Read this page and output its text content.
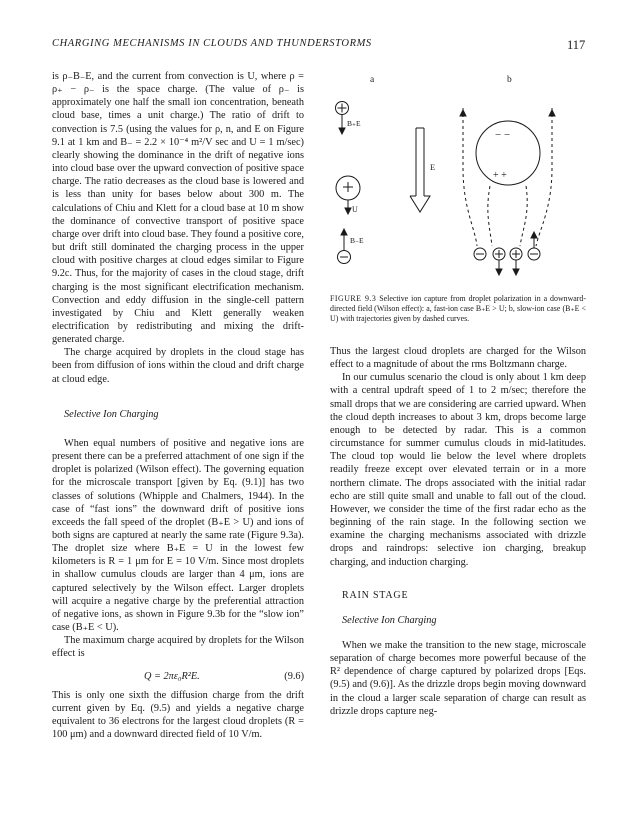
CHARGING MECHANISMS IN CLOUDS AND THUNDERSTORMS	117

is ρ₋B₋E, and the current from convection is U, where ρ = ρ₊ − ρ₋ is the space charge. (The value of ρ₋ is approximately one half the small ion concentration, beneath cloud base, times a unit charge.) The ratio of drift to convection is 7.5 (using the values for ρ, n, and E on Figure 9.1 at 1 km and B₋ = 2.2 × 10⁻⁴ m²/V sec and U = 1 m/sec) clearly showing the dominance in the drift of negative ions into cloud base over the upward convection of positive space charge. The ratio decreases as the cloud base is lowered and is less than unity for bases below about 300 m. The calculations of Chiu and Klett for a cloud base at 10 m show the dominance of convective transport of positive space charge over drift into cloud base. They found a positive core, but drift still dominated the charging process in the upper cloud with positive charges at cloud edges similar to Figure 9.2c. Thus, for the majority of cases in the cloud stage, drift charging is the most significant electrification mechanism. Convection and eddy diffusion in the single-cell pattern investigated by Chiu and Klett generally weaken electrification by redistributing and mixing the drift-generated charge.

The charge acquired by droplets in the cloud stage has been from diffusion of ions within the cloud and drift charge at cloud edge.

Selective Ion Charging

When equal numbers of positive and negative ions are present there can be a preferred attachment of one sign if the droplet is polarized (Wilson effect). The governing equation for the microscale transport [given by Eq. (9.1)] has two classes of solutions (Whipple and Chalmers, 1944). In the case of “fast ions” the downward drift of positive ions exceeds the fall speed of the droplet (B₊E > U) and ions of both signs are captured at nearly the same rate (Figure 9.3a). The droplet size where B₊E = U in the lowest few kilometers is R = 1 μm for E = 10 V/m. Since most droplets in shallow cumulus clouds are larger than 4 μm, ions are captured selectively by the Wilson effect. Larger droplets will acquire a negative charge by the preferential attraction of negative ions, as shown in Figure 9.3b for the “slow ion” case (B₊E < U).

The maximum charge acquired by droplets for the Wilson effect is

Q = 2πε₀R²E.	(9.6)

This is only one sixth the diffusion charge from the drift current given by Eq. (9.5) and yields a negative charge equivalent to 36 electrons for the largest cloud droplets (R = 100 μm) and a downward directed field of 10 V/m.

a	b
B₊E
U
B₋E
E
− −
+ +
FIGURE 9.3 Selective ion capture from droplet polarization in a downward-directed field (Wilson effect): a, fast-ion case B₊E > U; b, slow-ion case (B₊E < U) with trajectories given by dashed curves.

Thus the largest cloud droplets are charged for the Wilson effect to a magnitude of about the rms Boltzmann charge.

In our cumulus scenario the cloud is only about 1 km deep with a central updraft speed of 1 to 2 m/sec; therefore the small drops that we are considering are carried upward. When the cloud depth increases to about 3 km, drops become large enough to be detected by radar. This is a common circumstance for summer cumulus clouds in mid-latitudes. The cloud top would lie below the level where droplets readily freeze except over elevated terrain or in a more northern climate. The drops associated with the initial radar echo are still quite small and unable to fall out of the cloud. However, we consider the time of the first radar echo as the beginning of the rain stage. In the following section we examine the charging mechanisms associated with drizzle drops and raindrops: selective ion charging, breakup charging, and induction charging.

RAIN STAGE
Selective Ion Charging

When we make the transition to the new stage, microscale separation of charge becomes more powerful because of the R² dependence of charge captured by polarized drops [Eqs. (9.5) and (9.6)]. As the drizzle drops begin moving downward in the cloud a larger scale separation of charge can result as drizzle drops capture neg-
